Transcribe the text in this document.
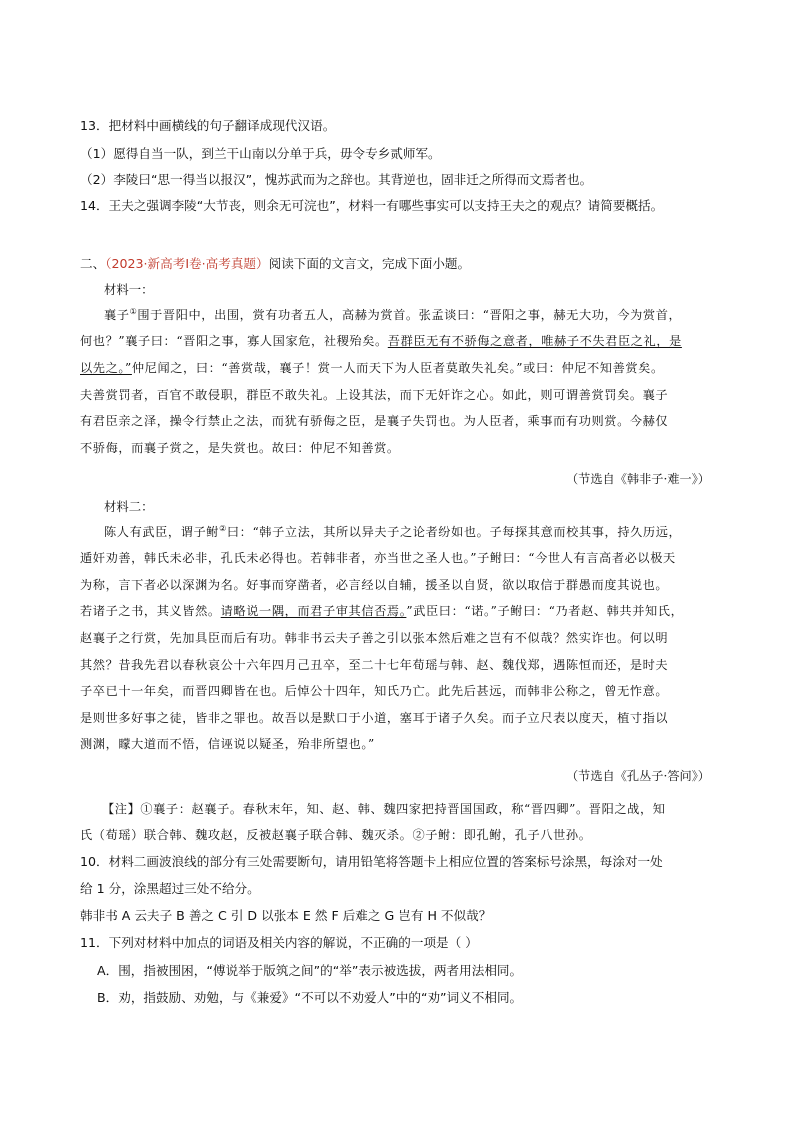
13．把材料中画横线的句子翻译成现代汉语。
（1）愿得自当一队，到兰干山南以分单于兵，毋令专乡贰师军。
（2）李陵曰“思一得当以报汉”，愧苏武而为之辞也。其背逆也，固非迁之所得而文焉者也。
14．王夫之强调李陵“大节丧，则余无可浣也”，材料一有哪些事实可以支持王夫之的观点？请简要概括。
二、（2023·新高考Ⅰ卷·高考真题）阅读下面的文言文，完成下面小题。
材料一：
襄子①围于晋阳中，出围，赏有功者五人，高赫为赏首。张孟谈曰：“晋阳之事，赫无大功，今为赏首，
何也？”襄子曰：“晋阳之事，寡人国家危，社稷殆矣。吾群臣无有不骄侮之意者，唯赫子不失君臣之礼，是
以先之。”仲尼闻之，曰：“善赏哉，襄子！赏一人而天下为人臣者莫敢失礼矣。”或曰：仲尼不知善赏矣。
夫善赏罚者，百官不敢侵职，群臣不敢失礼。上设其法，而下无奸诈之心。如此，则可谓善赏罚矣。襄子
有君臣亲之泽，操令行禁止之法，而犹有骄侮之臣，是襄子失罚也。为人臣者，乘事而有功则赏。今赫仅
不骄侮，而襄子赏之，是失赏也。故曰：仲尼不知善赏。
（节选自《韩非子·难一》）
材料二：
陈人有武臣，谓子鲋②曰：“韩子立法，其所以异夫子之论者纷如也。子每探其意而校其事，持久历远，
遁奸劝善，韩氏未必非，孔氏未必得也。若韩非者，亦当世之圣人也。”子鲋曰：“今世人有言高者必以极天
为称，言下者必以深渊为名。好事而穿凿者，必言经以自辅，援圣以自贤，欲以取信于群愚而度其说也。
若诸子之书，其义皆然。请略说一隅，而君子审其信否焉。”武臣曰：“诺。”子鲋曰：“乃者赵、韩共并知氏，
赵襄子之行赏，先加具臣而后有功。韩非书云夫子善之引以张本然后难之岂有不似哉？然实诈也。何以明
其然？昔我先君以春秋哀公十六年四月己丑卒，至二十七年荀瑶与韩、赵、魏伐郑，遇陈恒而还，是时夫
子卒已十一年矣，而晋四卿皆在也。后悼公十四年，知氏乃亡。此先后甚远，而韩非公称之，曾无怍意。
是则世多好事之徒，皆非之罪也。故吾以是默口于小道，塞耳于诸子久矣。而子立尺表以度天，植寸指以
测渊，矇大道而不悟，信诬说以疑圣，殆非所望也。”
（节选自《孔丛子·答问》）
【注】①襄子：赵襄子。春秋末年，知、赵、韩、魏四家把持晋国国政，称“晋四卿”。晋阳之战，知
氏（荀瑶）联合韩、魏攻赵，反被赵襄子联合韩、魏灭杀。②子鲋：即孔鲋，孔子八世孙。
10．材料二画波浪线的部分有三处需要断句，请用铅笔将答题卡上相应位置的答案标号涂黑，每涂对一处
给 1 分，涂黑超过三处不给分。
韩非书 A 云夫子 B 善之 C 引 D 以张本 E 然 F 后难之 G 岂有 H 不似哉？
11．下列对材料中加点的词语及相关内容的解说，不正确的一项是（ ）
A．围，指被围困，“傅说举于版筑之间”的“举”表示被选拔，两者用法相同。
B．劝，指鼓励、劝勉，与《兼爱》“不可以不劝爱人”中的“劝”词义不相同。
